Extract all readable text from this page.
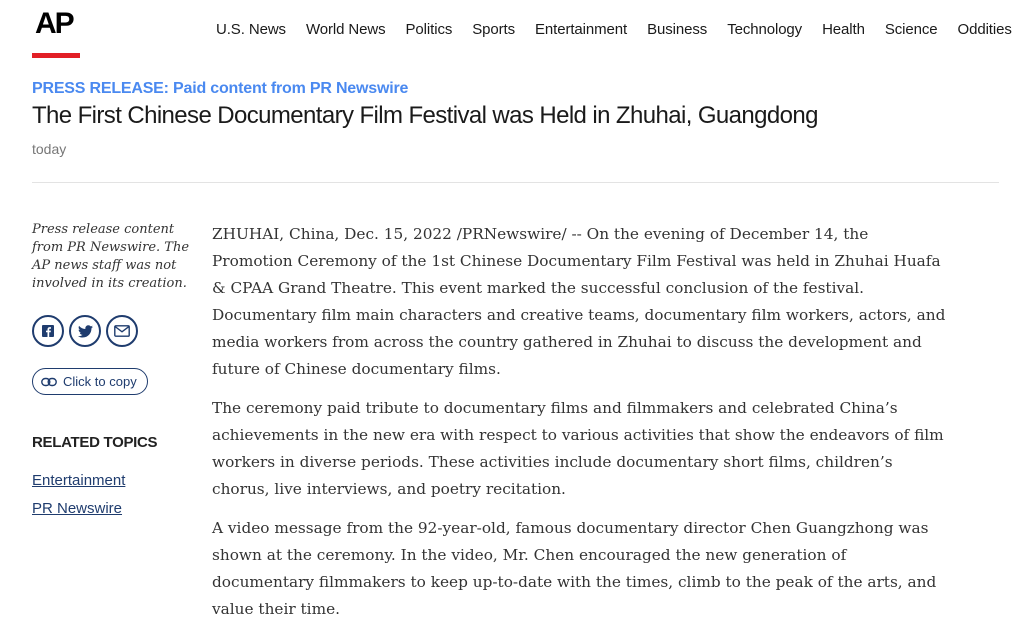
AP	U.S. News World News Politics Sports Entertainment Business Technology Health Science Oddities
PRESS RELEASE: Paid content from PR Newswire
The First Chinese Documentary Film Festival was Held in Zhuhai, Guangdong
today

Press release content from PR Newswire. The AP news staff was not involved in its creation.

Click to copy
RELATED TOPICS
Entertainment
PR Newswire

ZHUHAI, China, Dec. 15, 2022 /PRNewswire/ -- On the evening of December 14, the Promotion Ceremony of the 1st Chinese Documentary Film Festival was held in Zhuhai Huafa & CPAA Grand Theatre. This event marked the successful conclusion of the festival. Documentary film main characters and creative teams, documentary film workers, actors, and media workers from across the country gathered in Zhuhai to discuss the development and future of Chinese documentary films.

The ceremony paid tribute to documentary films and filmmakers and celebrated China’s achievements in the new era with respect to various activities that show the endeavors of film workers in diverse periods. These activities include documentary short films, children’s chorus, live interviews, and poetry recitation.

A video message from the 92-year-old, famous documentary director Chen Guangzhong was shown at the ceremony. In the video, Mr. Chen encouraged the new generation of documentary filmmakers to keep up-to-date with the times, climb to the peak of the arts, and value their time.
